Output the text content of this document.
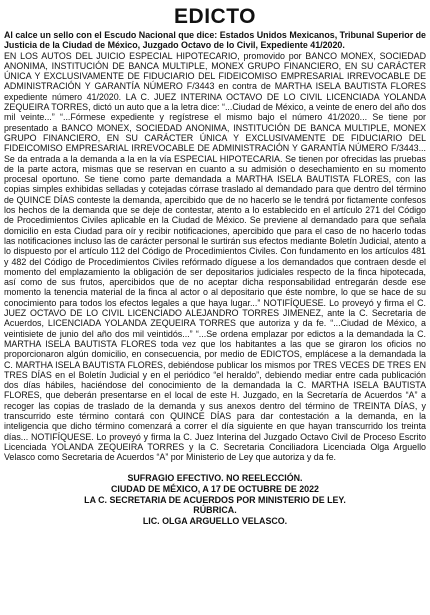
EDICTO

Al calce un sello con el Escudo Nacional que dice: Estados Unidos Mexicanos, Tribunal Superior de Justicia de la Ciudad de México, Juzgado Octavo de lo Civil, Expediente 41/2020.

EN LOS AUTOS DEL JUICIO ESPECIAL HIPOTECARIO, promovido por BANCO MONEX, SOCIEDAD ANONIMA, INSTITUCIÓN DE BANCA MULTIPLE, MONEX GRUPO FINANCIERO, EN SU CARÁCTER ÚNICA Y EXCLUSIVAMENTE DE FIDUCIARIO DEL FIDEICOMISO EMPRESARIAL IRREVOCABLE DE ADMINISTRACIÓN Y GARANTÍA NÚMERO F/3443 en contra de MARTHA ISELA BAUTISTA FLORES expediente número 41/2020. LA C. JUEZ INTERINA OCTAVO DE LO CIVIL LICENCIADA YOLANDA ZEQUEIRA TORRES, dictó un auto que a la letra dice: “...Ciudad de México, a veinte de enero del año dos mil veinte...” “...Fórmese expediente y regístrese el mismo bajo el número 41/2020... Se tiene por presentado a BANCO MONEX, SOCIEDAD ANONIMA, INSTITUCIÓN DE BANCA MULTIPLE, MONEX GRUPO FINANCIERO, EN SU CARÁCTER ÚNICA Y EXCLUSIVAMENTE DE FIDUCIARIO DEL FIDEICOMISO EMPRESARIAL IRREVOCABLE DE ADMINISTRACIÓN Y GARANTÍA NÚMERO F/3443... Se da entrada a la demanda a la en la vía ESPECIAL HIPOTECARIA. Se tienen por ofrecidas las pruebas de la parte actora, mismas que se reservan en cuanto a su admisión o desechamiento en su momento procesal oportuno. Se tiene como parte demandada a MARTHA ISELA BAUTISTA FLORES, con las copias simples exhibidas selladas y cotejadas córrase traslado al demandado para que dentro del término de QUINCE DÍAS conteste la demanda, apercibido que de no hacerlo se le tendrá por fictamente confesos los hechos de la demanda que se deje de contestar, atento a lo establecido en el artículo 271 del Código de Procedimientos Civiles aplicable en la Ciudad de México. Se previene al demandado para que señala domicilio en esta Ciudad para oír y recibir notificaciones, apercibido que para el caso de no hacerlo todas las notificaciones incluso las de carácter personal le surtirán sus efectos mediante Boletín Judicial, atento a lo dispuesto por el artículo 112 del Código de Procedimientos Civiles. Con fundamento en los artículos 481 y 482 del Código de Procedimientos Civiles refórmado díguese a los demandados que contraen desde el momento del emplazamiento la obligación de ser depositarios judiciales respecto de la finca hipotecada, así como de sus frutos, apercibidos que de no aceptar dicha responsabilidad entregarán desde ese momento la tenencia material de la finca al actor o al depositario que éste nombre, lo que se hace de su conocimiento para todos los efectos legales a que haya lugar...” NOTIFÍQUESE. Lo proveyó y firma el C. JUEZ OCTAVO DE LO CIVIL LICENCIADO ALEJANDRO TORRES JIMENEZ, ante la C. Secretaria de Acuerdos, LICENCIADA YOLANDA ZEQUEIRA TORRES que autoriza y da fe. “...Ciudad de México, a veintisiete de junio del año dos mil veintidós...” “...Se ordena emplazar por edictos a la demandada la C. MARTHA ISELA BAUTISTA FLORES toda vez que los habitantes a las que se giraron los oficios no proporcionaron algún domicilio, en consecuencia, por medio de EDICTOS, emplácese a la demandada la C. MARTHA ISELA BAUTISTA FLORES, debiéndose publicar los mismos por TRES VECES DE TRES EN TRES DÍAS en el Boletín Judicial y en el periódico “el heraldo”, debiendo mediar entre cada publicación dos días hábiles, haciéndose del conocimiento de la demandada la C. MARTHA ISELA BAUTISTA FLORES, que deberán presentarse en el local de este H. Juzgado, en la Secretaría de Acuerdos “A” a recoger las copias de traslado de la demanda y sus anexos dentro del término de TREINTA DÍAS, y transcurrido este término contará con QUINCE DÍAS para dar contestación a la demanda, en la inteligencia que dicho término comenzará a correr el día siguiente en que hayan transcurrido los treinta días... NOTIFÍQUESE. Lo proveyó y firma la C. Juez Interina del Juzgado Octavo Civil de Proceso Escrito Licenciada YOLANDA ZEQUEIRA TORRES y la C. Secretaria Conciliadora Licenciada Olga Arguello Velasco como Secretaria de Acuerdos “A” por Ministerio de Ley que autoriza y da fe.

SUFRAGIO EFECTIVO. NO REELECCIÓN.
CIUDAD DE MÉXICO, A 17 DE OCTUBRE DE 2022
LA C. SECRETARIA DE ACUERDOS POR MINISTERIO DE LEY.
RÚBRICA.
LIC. OLGA ARGUELLO VELASCO.
